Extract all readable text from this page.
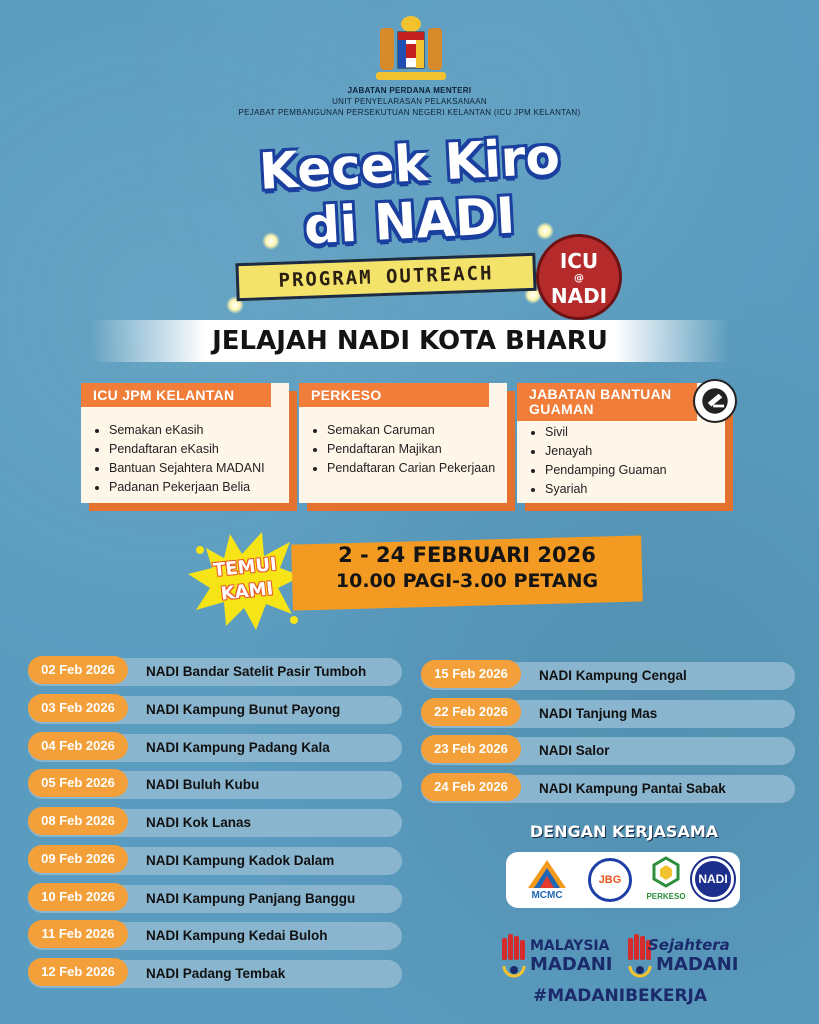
JABATAN PERDANA MENTERI
UNIT PENYELARASAN PELAKSANAAN
PEJABAT PEMBANGUNAN PERSEKUTUAN NEGERI KELANTAN (ICU JPM KELANTAN)
Kecek Kiro
di NADI
PROGRAM OUTREACH
ICU
@
NADI
JELAJAH NADI KOTA BHARU
ICU JPM KELANTAN
• Semakan eKasih
• Pendaftaran eKasih
• Bantuan Sejahtera MADANI
• Padanan Pekerjaan Belia
PERKESO
• Semakan Caruman
• Pendaftaran Majikan
• Pendaftaran Carian Pekerjaan
JABATAN BANTUAN GUAMAN
• Sivil
• Jenayah
• Pendamping Guaman
• Syariah
TEMUI
KAMI
2 - 24 FEBRUARI 2026
10.00 PAGI-3.00 PETANG
NADI Bandar Satelit Pasir Tumboh
02 Feb 2026
NADI Kampung Bunut Payong
03 Feb 2026
NADI Kampung Padang Kala
04 Feb 2026
NADI Buluh Kubu
05 Feb 2026
NADI Kok Lanas
08 Feb 2026
NADI Kampung Kadok Dalam
09 Feb 2026
NADI Kampung Panjang Banggu
10 Feb 2026
NADI Kampung Kedai Buloh
11 Feb 2026
NADI Padang Tembak
12 Feb 2026
NADI Kampung Cengal
15 Feb 2026
NADI Tanjung Mas
22 Feb 2026
NADI Salor
23 Feb 2026
NADI Kampung Pantai Sabak
24 Feb 2026
DENGAN KERJASAMA
MCMC
JBG
PERKESO
NADI
MALAYSIA
MADANI
Sejahtera
MADANI
#MADANIBEKERJA
